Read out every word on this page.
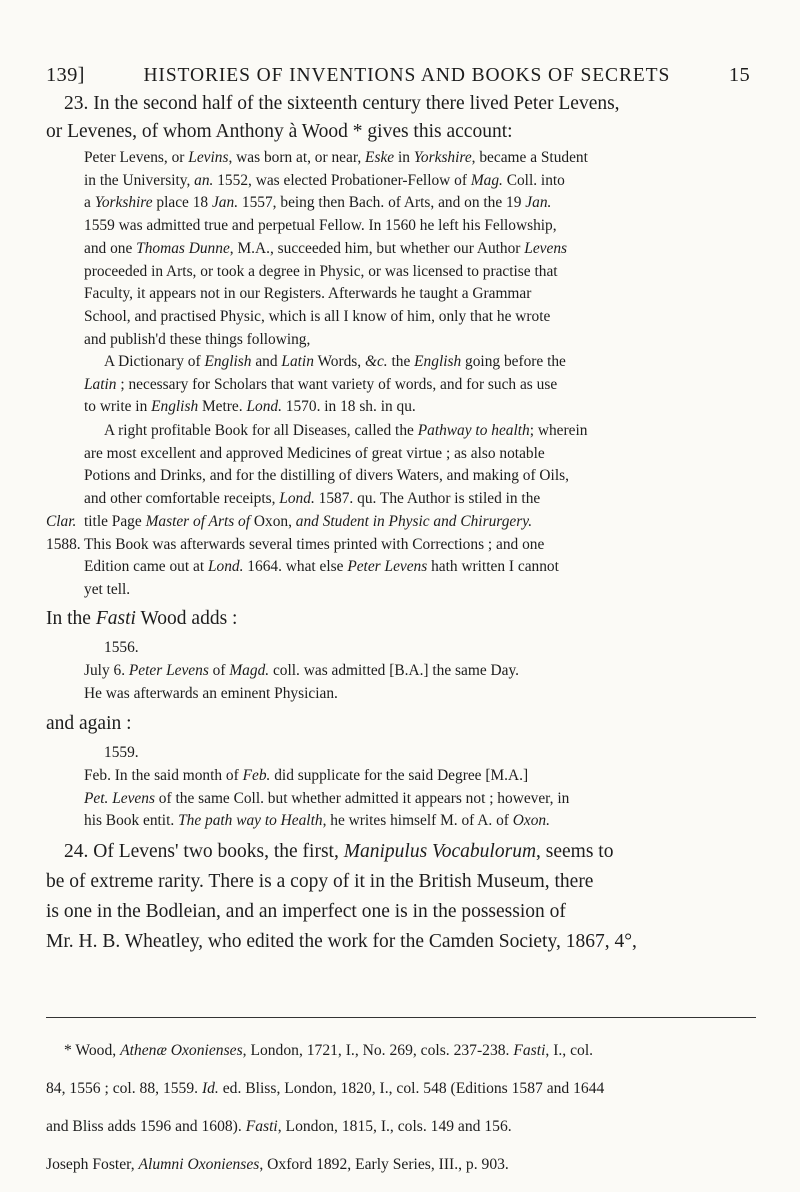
139]	HISTORIES OF INVENTIONS AND BOOKS OF SECRETS	15

23. In the second half of the sixteenth century there lived Peter Levens,

or Levenes, of whom Anthony à Wood * gives this account:

Peter Levens, or Levins, was born at, or near, Eske in Yorkshire, became a Student

in the University, an. 1552, was elected Probationer-Fellow of Mag. Coll. into

a Yorkshire place 18 Jan. 1557, being then Bach. of Arts, and on the 19 Jan.

1559 was admitted true and perpetual Fellow. In 1560 he left his Fellowship,

and one Thomas Dunne, M.A., succeeded him, but whether our Author Levens

proceeded in Arts, or took a degree in Physic, or was licensed to practise that

Faculty, it appears not in our Registers. Afterwards he taught a Grammar

School, and practised Physic, which is all I know of him, only that he wrote

and publish'd these things following,

A Dictionary of English and Latin Words, &c. the English going before the

Latin ; necessary for Scholars that want variety of words, and for such as use

to write in English Metre. Lond. 1570. in 18 sh. in qu.

A right profitable Book for all Diseases, called the Pathway to health; wherein

are most excellent and approved Medicines of great virtue ; as also notable

Potions and Drinks, and for the distilling of divers Waters, and making of Oils,

and other comfortable receipts, Lond. 1587. qu. The Author is stiled in the

title Page Master of Arts of Oxon, and Student in Physic and Chirurgery.

This Book was afterwards several times printed with Corrections ; and one

Edition came out at Lond. 1664. what else Peter Levens hath written I cannot

yet tell.

Clar.
1588.

In the Fasti Wood adds :

1556.

July 6. Peter Levens of Magd. coll. was admitted [B.A.] the same Day.

He was afterwards an eminent Physician.

and again :

1559.

Feb. In the said month of Feb. did supplicate for the said Degree [M.A.]

Pet. Levens of the same Coll. but whether admitted it appears not ; however, in

his Book entit. The path way to Health, he writes himself M. of A. of Oxon.

24. Of Levens' two books, the first, Manipulus Vocabulorum, seems to

be of extreme rarity. There is a copy of it in the British Museum, there

is one in the Bodleian, and an imperfect one is in the possession of

Mr. H. B. Wheatley, who edited the work for the Camden Society, 1867, 4°,

* Wood, Athenæ Oxonienses, London, 1721, I., No. 269, cols. 237-238. Fasti, I., col.

84, 1556 ; col. 88, 1559. Id. ed. Bliss, London, 1820, I., col. 548 (Editions 1587 and 1644

and Bliss adds 1596 and 1608). Fasti, London, 1815, I., cols. 149 and 156.

Joseph Foster, Alumni Oxonienses, Oxford 1892, Early Series, III., p. 903.
